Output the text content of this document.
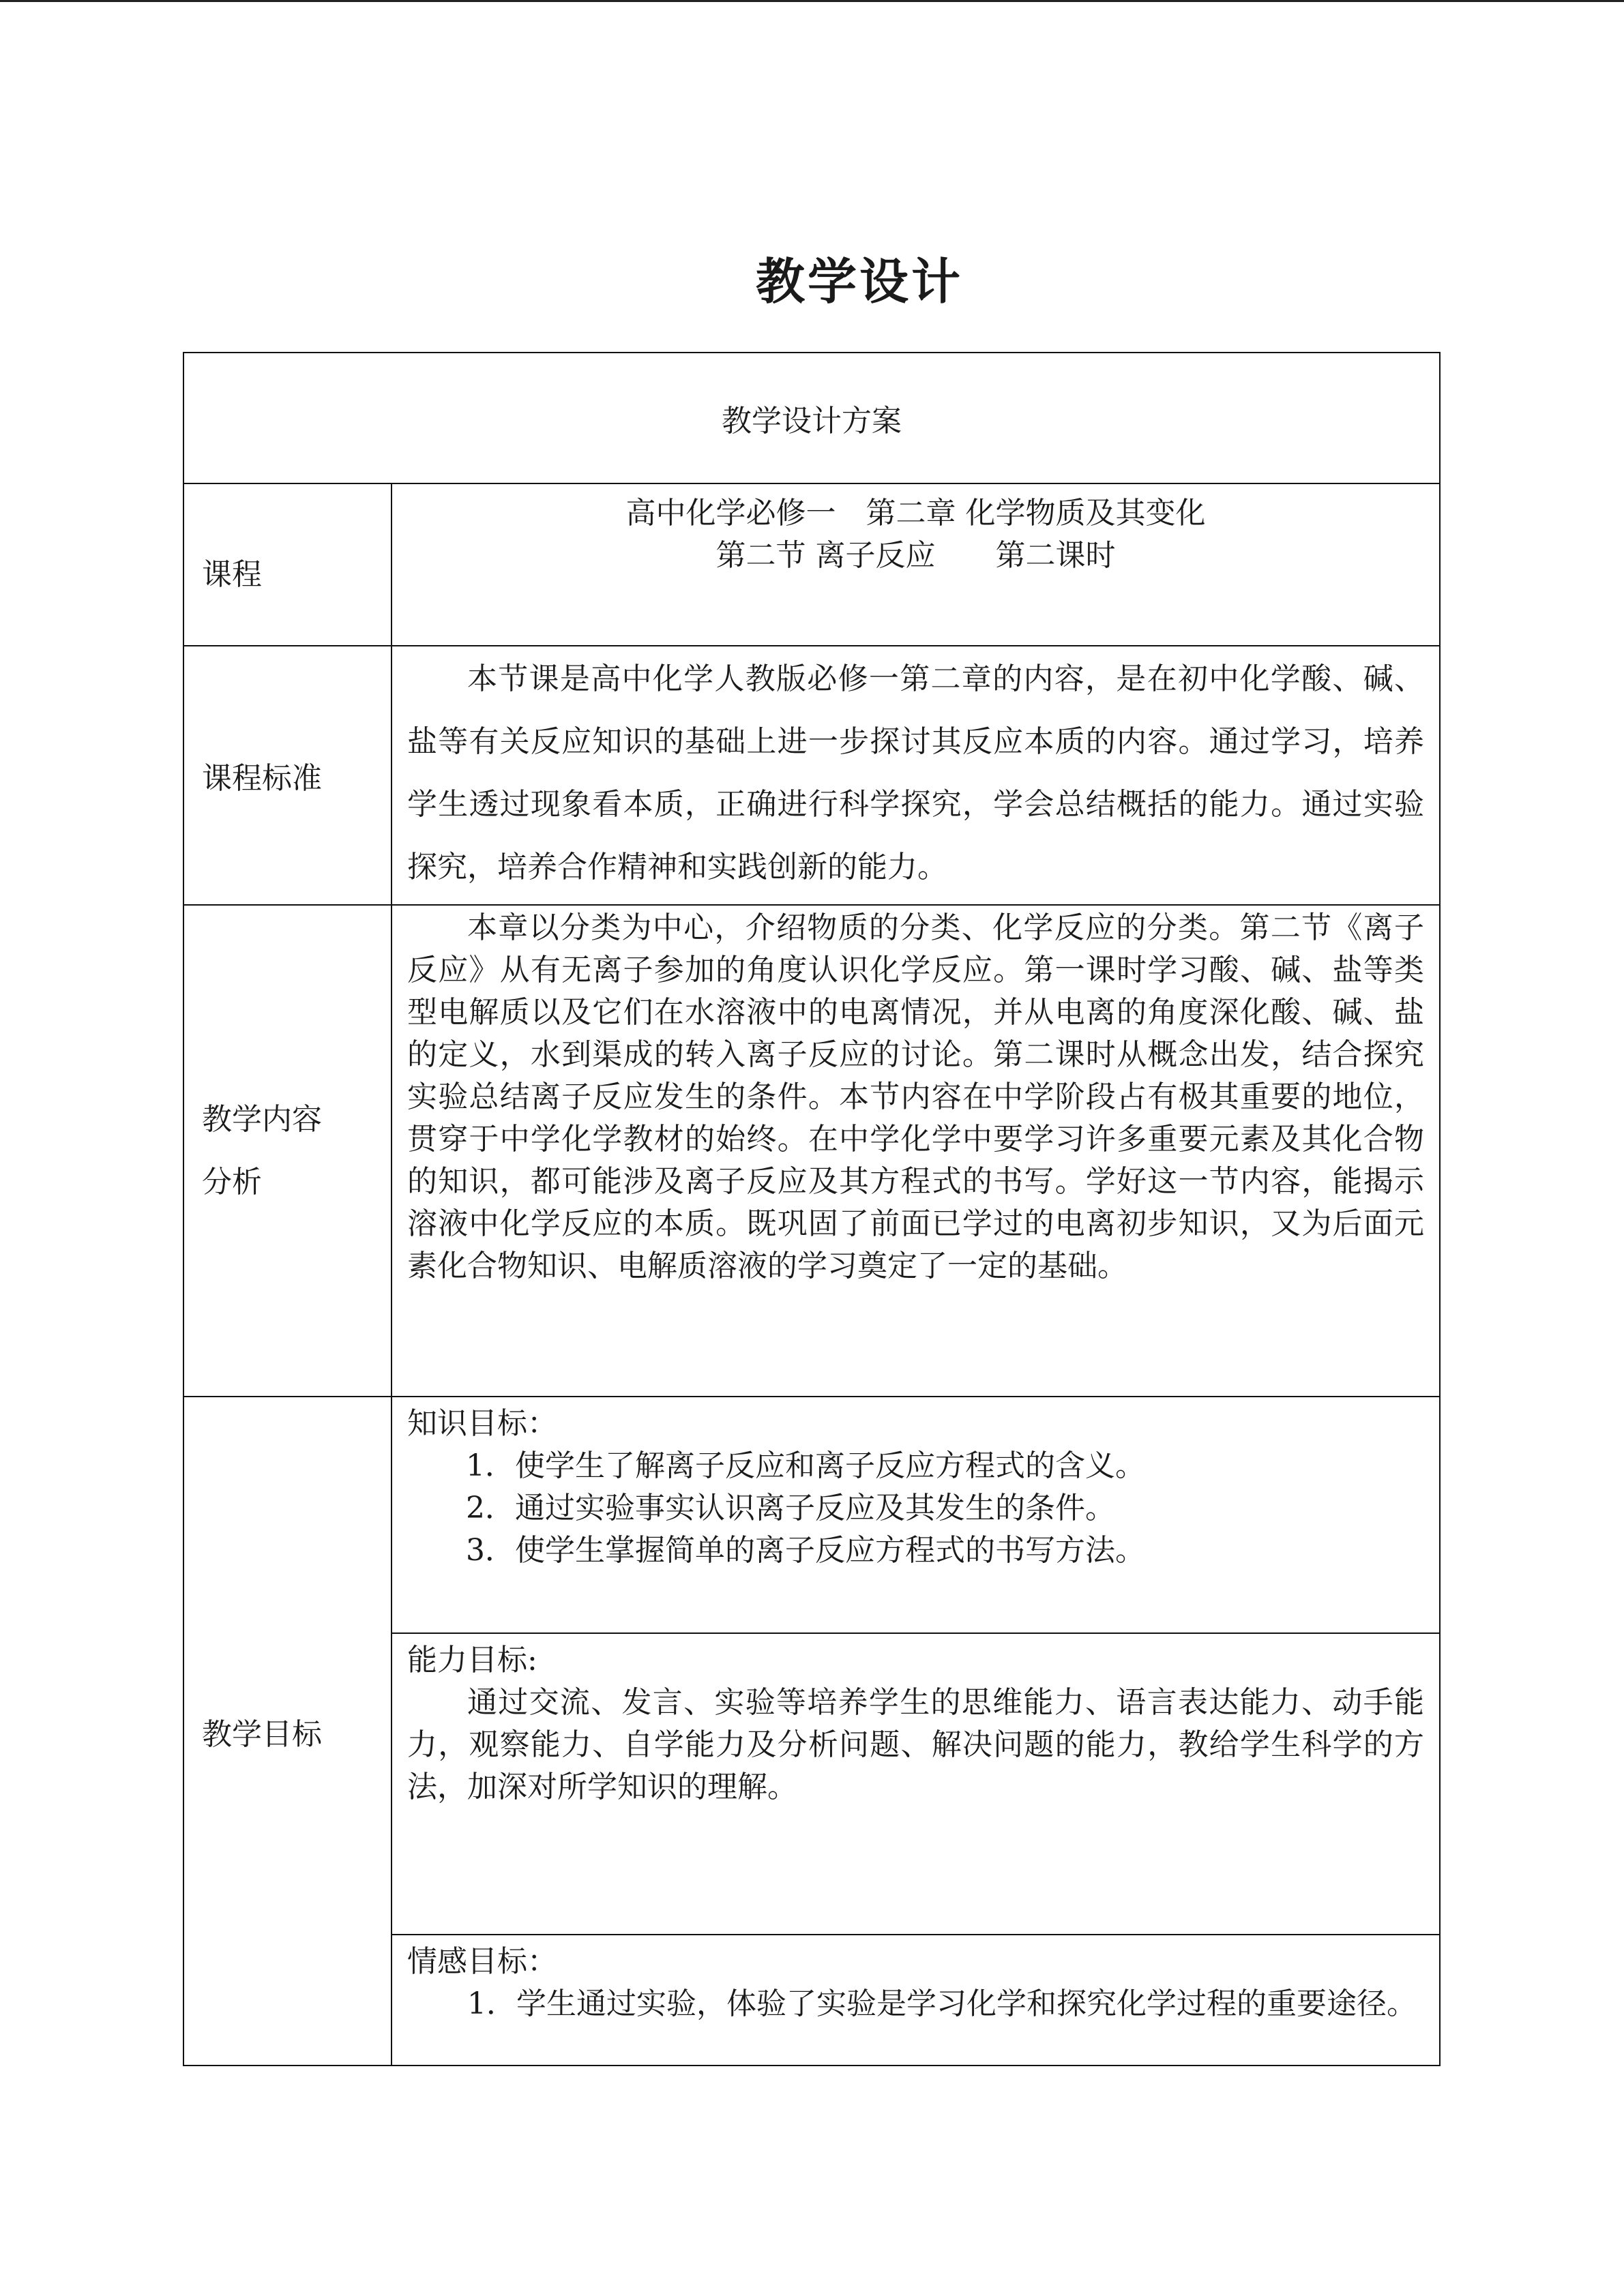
教学设计
教学设计方案
课程
高中化学必修一　第二章 化学物质及其变化
第二节 离子反应　　第二课时
课程标准

本节课是高中化学人教版必修一第二章的内容，是在初中化学酸、碱、盐等有关反应知识的基础上进一步探讨其反应本质的内容。通过学习，培养学生透过现象看本质，正确进行科学探究，学会总结概括的能力。通过实验探究，培养合作精神和实践创新的能力。

教学内容
分析

本章以分类为中心，介绍物质的分类、化学反应的分类。第二节《离子反应》从有无离子参加的角度认识化学反应。第一课时学习酸、碱、盐等类型电解质以及它们在水溶液中的电离情况，并从电离的角度深化酸、碱、盐的定义，水到渠成的转入离子反应的讨论。第二课时从概念出发，结合探究实验总结离子反应发生的条件。本节内容在中学阶段占有极其重要的地位，贯穿于中学化学教材的始终。在中学化学中要学习许多重要元素及其化合物的知识，都可能涉及离子反应及其方程式的书写。学好这一节内容，能揭示溶液中化学反应的本质。既巩固了前面已学过的电离初步知识，又为后面元素化合物知识、电解质溶液的学习奠定了一定的基础。

教学目标

知识目标：

1．使学生了解离子反应和离子反应方程式的含义。

2．通过实验事实认识离子反应及其发生的条件。

3．使学生掌握简单的离子反应方程式的书写方法。

能力目标:

通过交流、发言、实验等培养学生的思维能力、语言表达能力、动手能力，观察能力、自学能力及分析问题、解决问题的能力，教给学生科学的方法，加深对所学知识的理解。

情感目标：

1．学生通过实验，体验了实验是学习化学和探究化学过程的重要途径。
